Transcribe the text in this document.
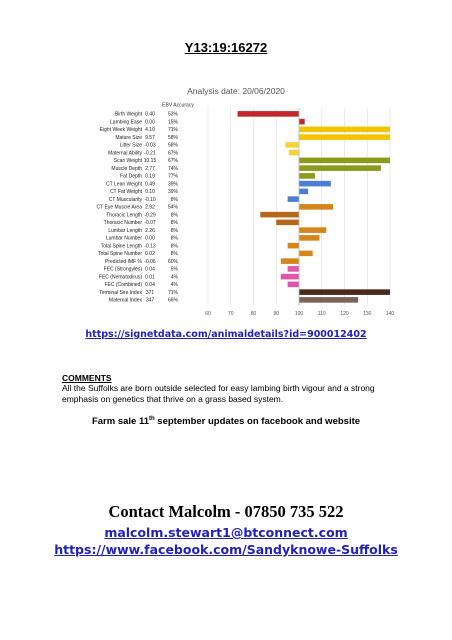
Y13:19:16272
Analysis date: 20/06/2020
EBV Accuracy
Birth Weight 0.40	53%
Lambing Ease 0.00	15%
Eight Week Weight 4.10	71%
Mature Size 9.57	58%
Litter Size -0.03 58%
Maternal Ability -0.21 67%
Scan Weight 10.15 67%
Muscle Depth 2.77	74%
Fat Depth 0.19	77%
CT Lean Weight 0.49	39%
CT Fat Weight 0.10	39%
CT Muscularity -0.10	8%
CT Eye Muscle Area 2.92	54%
Thoracic Length -0.29	8%
Thoracic Number -0.07	8%
Lumbar Length 2.26	8%
Lumbar Number 0.00	8%
Total Spine Length -0.13	8%
Total Spine Number 0.02	8%
Predicted IMF % -0.06 60%
FEC (Strongyles) 0.04	5%
FEC (Nematodirus) 0.01	4%
FEC (Combined) 0.04	4%
Terminal Sire Index 371	71%
Maternal Index 347	66%
60	70	80	90	100	110	120	130	140
https://signetdata.com/animaldetails?id=900012402
COMMENTS
All the Suffolks are born outside selected for easy lambing birth vigour and a strong emphasis on genetics that thrive on a grass based system.
Farm sale 11th september updates on facebook and website
Contact Malcolm - 07850 735 522
malcolm.stewart1@btconnect.com
https://www.facebook.com/Sandyknowe-Suffolks
